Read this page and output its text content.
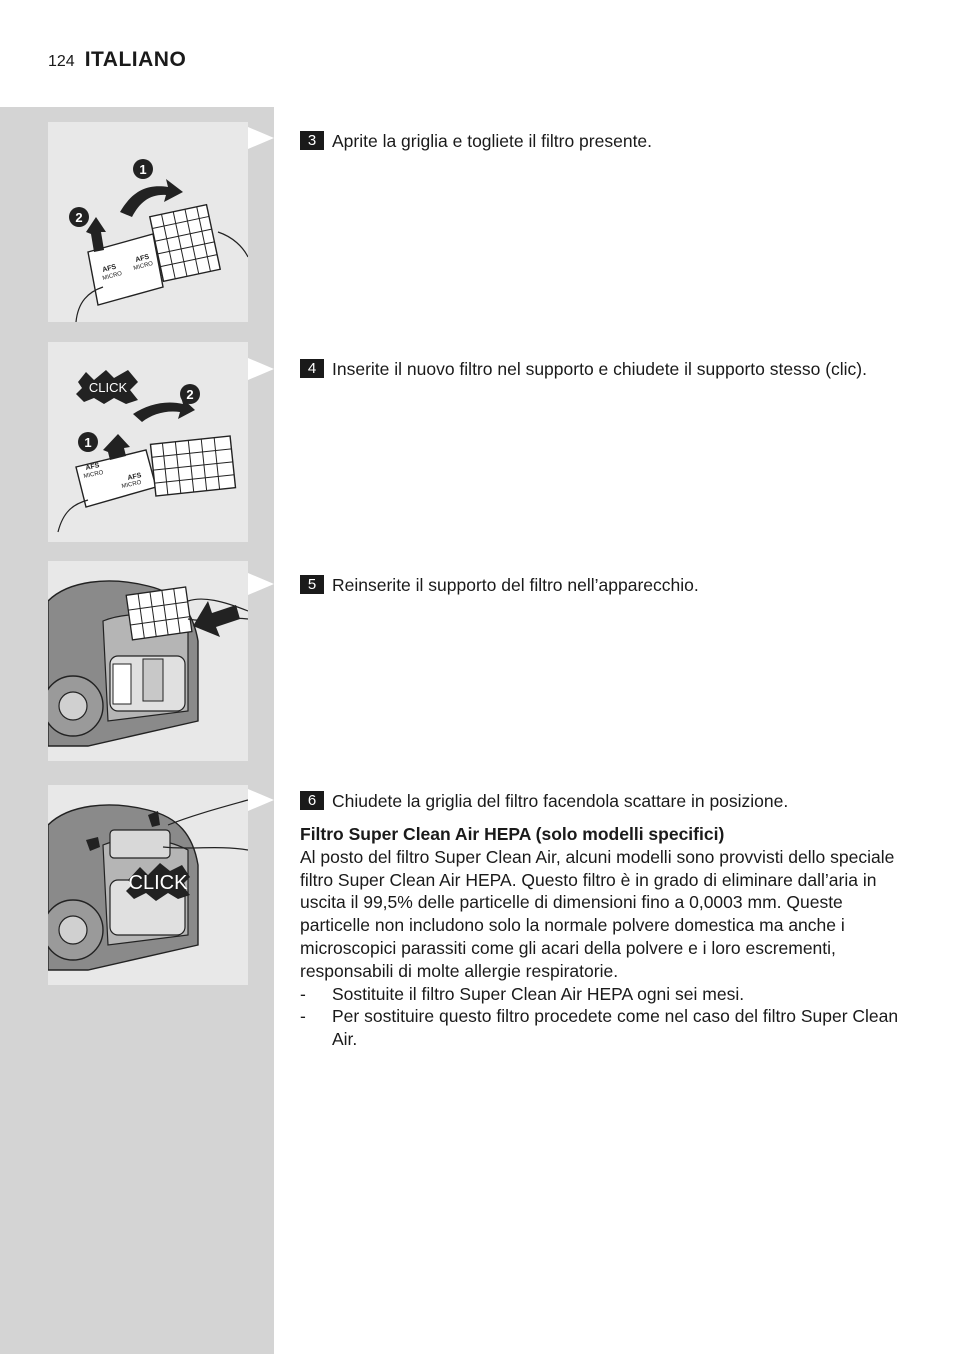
124 ITALIANO
1
2
AFS
MICRO
AFS
MICRO
CLICK
1
2
AFS
MICRO	AFS
MICRO
CLICK
3 Aprite la griglia e togliete il filtro presente.
4 Inserite il nuovo filtro nel supporto e chiudete il supporto stesso (clic).
5 Reinserite il supporto del filtro nell’apparecchio.
6 Chiudete la griglia del filtro facendola scattare in posizione.
Filtro Super Clean Air HEPA (solo modelli specifici)
Al posto del filtro Super Clean Air, alcuni modelli sono provvisti dello speciale filtro Super Clean Air HEPA. Questo filtro è in grado di eliminare dall’aria in uscita il 99,5% delle particelle di dimensioni fino a 0,0003 mm. Queste particelle non includono solo la normale polvere domestica ma anche i microscopici parassiti come gli acari della polvere e i loro escrementi, responsabili di molte allergie respiratorie.
-	Sostituite il filtro Super Clean Air HEPA ogni sei mesi.
-	Per sostituire questo filtro procedete come nel caso del filtro Super Clean Air.
